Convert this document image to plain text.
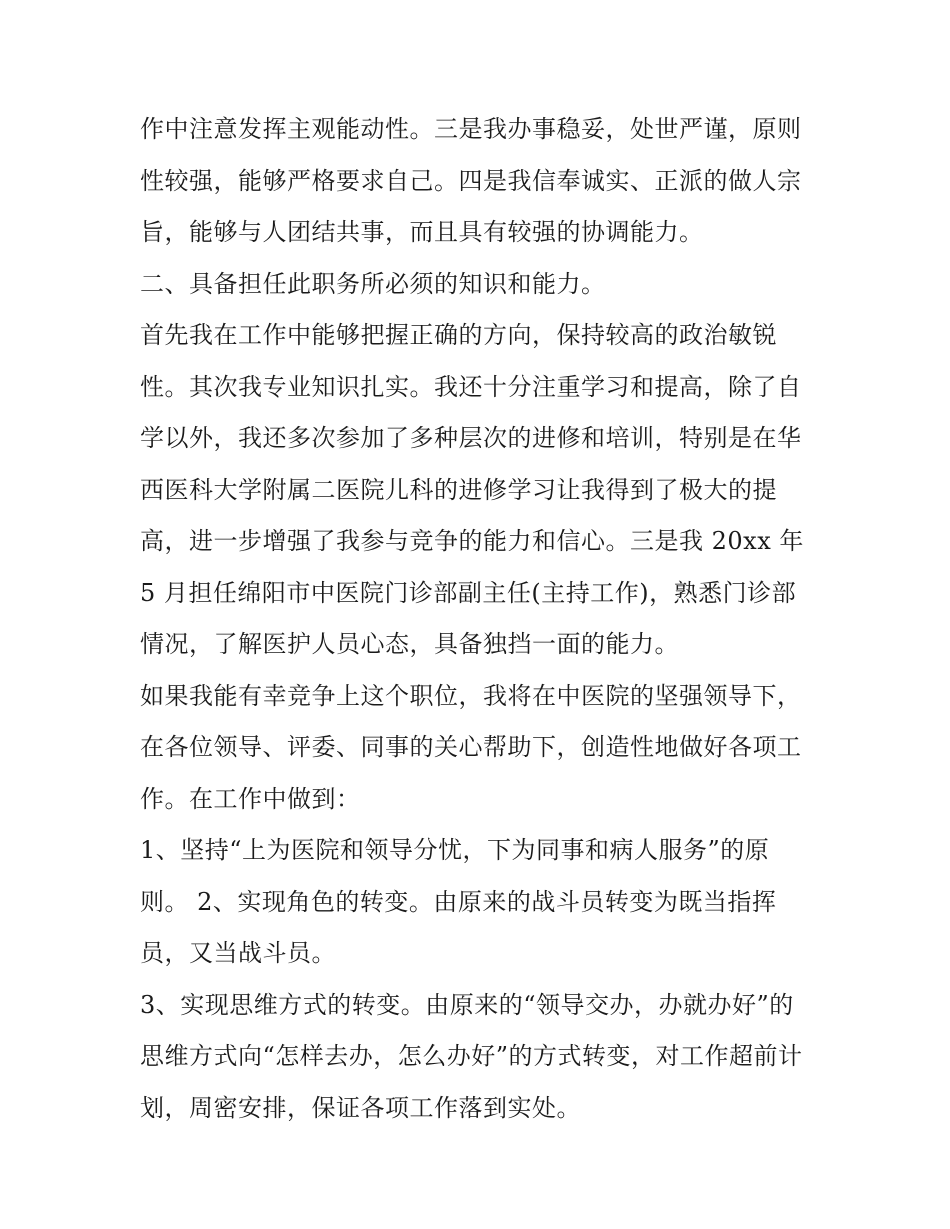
作中注意发挥主观能动性。三是我办事稳妥，处世严谨，原则
性较强，能够严格要求自己。四是我信奉诚实、正派的做人宗
旨，能够与人团结共事，而且具有较强的协调能力。
二、具备担任此职务所必须的知识和能力。
首先我在工作中能够把握正确的方向，保持较高的政治敏锐
性。其次我专业知识扎实。我还十分注重学习和提高，除了自
学以外，我还多次参加了多种层次的进修和培训，特别是在华
西医科大学附属二医院儿科的进修学习让我得到了极大的提
高，进一步增强了我参与竞争的能力和信心。三是我 20xx 年
5 月担任绵阳市中医院门诊部副主任(主持工作)，熟悉门诊部
情况，了解医护人员心态，具备独挡一面的能力。
如果我能有幸竞争上这个职位，我将在中医院的坚强领导下，
在各位领导、评委、同事的关心帮助下，创造性地做好各项工
作。在工作中做到：
1、坚持“上为医院和领导分忧，下为同事和病人服务”的原
则。 2、实现角色的转变。由原来的战斗员转变为既当指挥
员，又当战斗员。
3、实现思维方式的转变。由原来的“领导交办，办就办好”的
思维方式向“怎样去办，怎么办好”的方式转变，对工作超前计
划，周密安排，保证各项工作落到实处。
